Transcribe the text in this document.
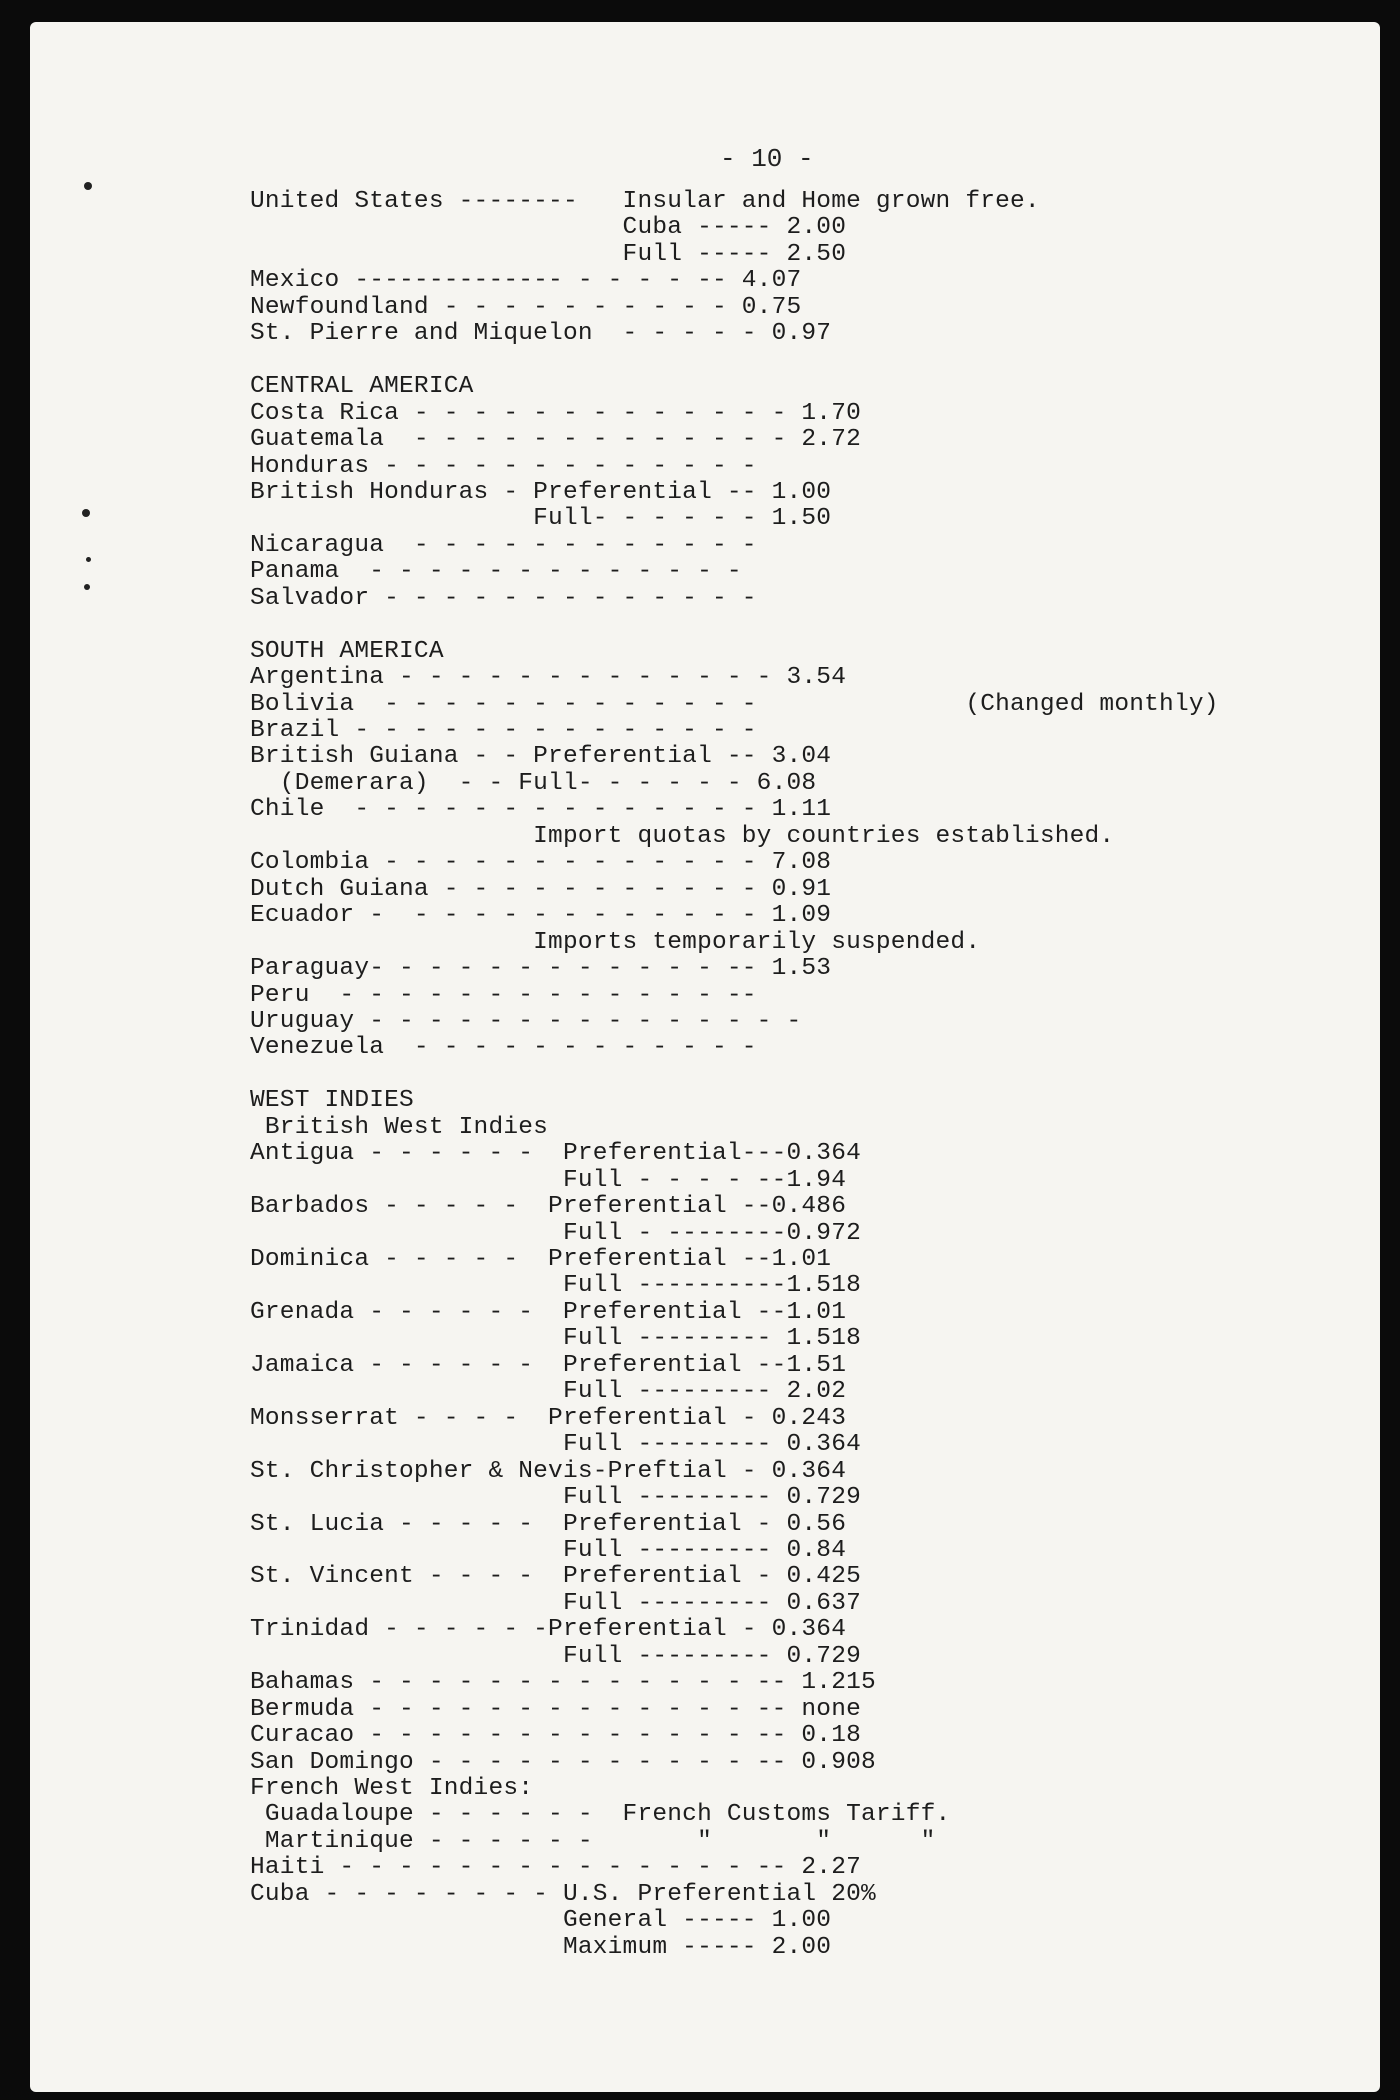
- 10 -
United States --------   Insular and Home grown free.
Cuba ----- 2.00
Full ----- 2.50
Mexico -------------- - - - - -- 4.07
Newfoundland - - - - - - - - - - 0.75
St. Pierre and Miquelon  - - - - - 0.97
CENTRAL AMERICA
Costa Rica - - - - - - - - - - - - - 1.70
Guatemala  - - - - - - - - - - - - - 2.72
Honduras - - - - - - - - - - - - -
British Honduras - Preferential -- 1.00
Full- - - - - - 1.50
Nicaragua  - - - - - - - - - - - -
Panama  - - - - - - - - - - - - -
Salvador - - - - - - - - - - - - -
SOUTH AMERICA
Argentina - - - - - - - - - - - - - 3.54
Bolivia  - - - - - - - - - - - - -              (Changed monthly)
Brazil - - - - - - - - - - - - - -
British Guiana - - Preferential -- 3.04
(Demerara)  - - Full- - - - - - 6.08
Chile  - - - - - - - - - - - - - - 1.11
Import quotas by countries established.
Colombia - - - - - - - - - - - - - 7.08
Dutch Guiana - - - - - - - - - - - 0.91
Ecuador -  - - - - - - - - - - - - 1.09
Imports temporarily suspended.
Paraguay- - - - - - - - - - - - -- 1.53
Peru  - - - - - - - - - - - - - --
Uruguay - - - - - - - - - - - - - - -
Venezuela  - - - - - - - - - - - -
WEST INDIES
British West Indies
Antigua - - - - - -  Preferential---0.364
Full - - - - --1.94
Barbados - - - - -  Preferential --0.486
Full - --------0.972
Dominica - - - - -  Preferential --1.01
Full ----------1.518
Grenada - - - - - -  Preferential --1.01
Full --------- 1.518
Jamaica - - - - - -  Preferential --1.51
Full --------- 2.02
Monsserrat - - - -  Preferential - 0.243
Full --------- 0.364
St. Christopher & Nevis-Preftial - 0.364
Full --------- 0.729
St. Lucia - - - - -  Preferential - 0.56
Full --------- 0.84
St. Vincent - - - -  Preferential - 0.425
Full --------- 0.637
Trinidad - - - - - -Preferential - 0.364
Full --------- 0.729
Bahamas - - - - - - - - - - - - - -- 1.215
Bermuda - - - - - - - - - - - - - -- none
Curacao - - - - - - - - - - - - - -- 0.18
San Domingo - - - - - - - - - - - -- 0.908
French West Indies:
Guadaloupe - - - - - -  French Customs Tariff.
Martinique - - - - - -       "       "      "
Haiti - - - - - - - - - - - - - - -- 2.27
Cuba - - - - - - - - U.S. Preferential 20%
General ----- 1.00
Maximum ----- 2.00
